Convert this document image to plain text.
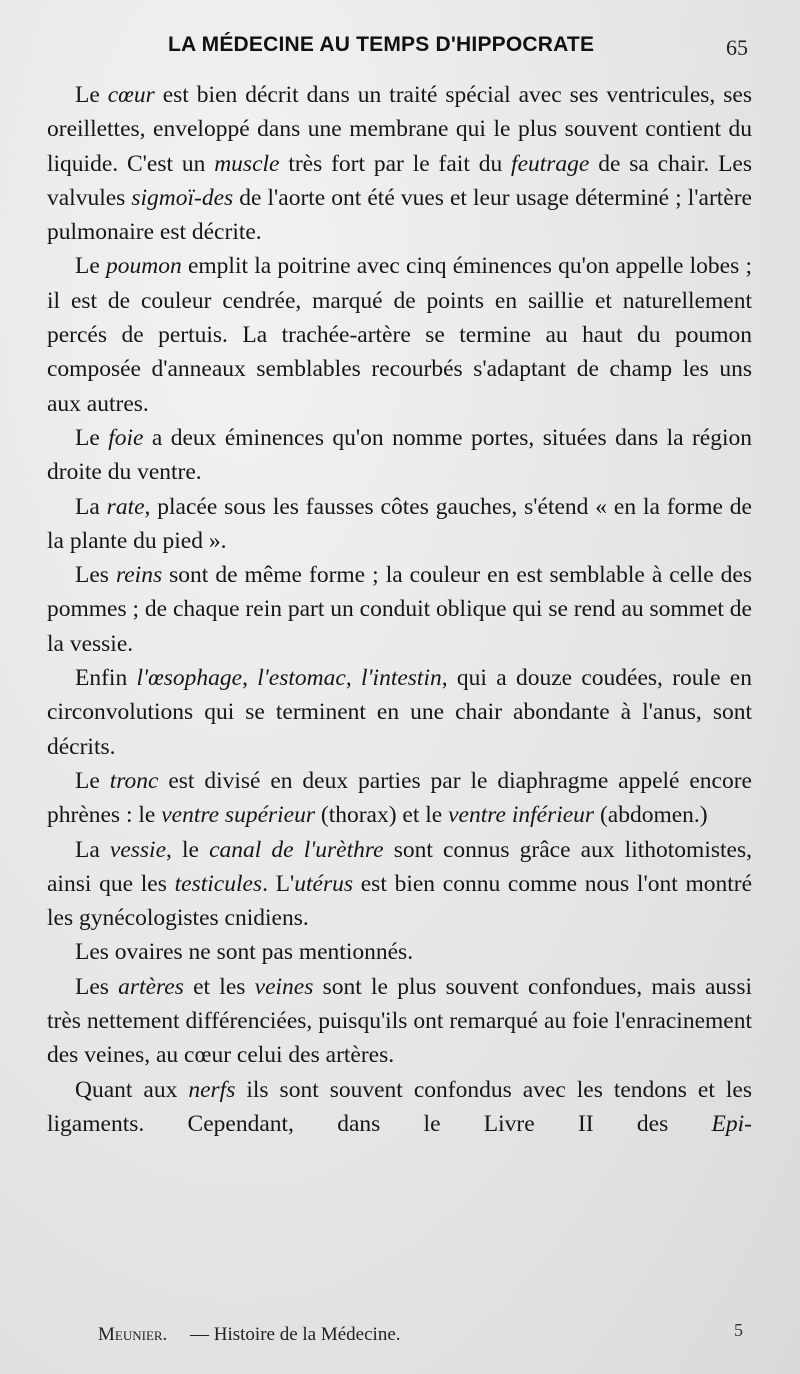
LA MÉDECINE AU TEMPS D'HIPPOCRATE	65

Le cœur est bien décrit dans un traité spécial avec ses ventricules, ses oreillettes, enveloppé dans une membrane qui le plus souvent contient du liquide. C'est un muscle très fort par le fait du feutrage de sa chair. Les valvules sigmoï-des de l'aorte ont été vues et leur usage déterminé ; l'artère pulmonaire est décrite.

Le poumon emplit la poitrine avec cinq éminences qu'on appelle lobes ; il est de couleur cendrée, marqué de points en saillie et naturellement percés de pertuis. La trachée-artère se termine au haut du poumon composée d'anneaux semblables recourbés s'adaptant de champ les uns aux autres.

Le foie a deux éminences qu'on nomme portes, situées dans la région droite du ventre.

La rate, placée sous les fausses côtes gauches, s'étend « en la forme de la plante du pied ».

Les reins sont de même forme ; la couleur en est semblable à celle des pommes ; de chaque rein part un conduit oblique qui se rend au sommet de la vessie.

Enfin l'œsophage, l'estomac, l'intestin, qui a douze coudées, roule en circonvolutions qui se terminent en une chair abondante à l'anus, sont décrits.

Le tronc est divisé en deux parties par le diaphragme appelé encore phrènes : le ventre supérieur (thorax) et le ventre inférieur (abdomen.)

La vessie, le canal de l'urèthre sont connus grâce aux lithotomistes, ainsi que les testicules. L'utérus est bien connu comme nous l'ont montré les gynécologistes cnidiens.

Les ovaires ne sont pas mentionnés.

Les artères et les veines sont le plus souvent confondues, mais aussi très nettement différenciées, puisqu'ils ont remarqué au foie l'enracinement des veines, au cœur celui des artères.

Quant aux nerfs ils sont souvent confondus avec les tendons et les ligaments. Cependant, dans le Livre II des Epi-

Meunier. — Histoire de la Médecine.	5
